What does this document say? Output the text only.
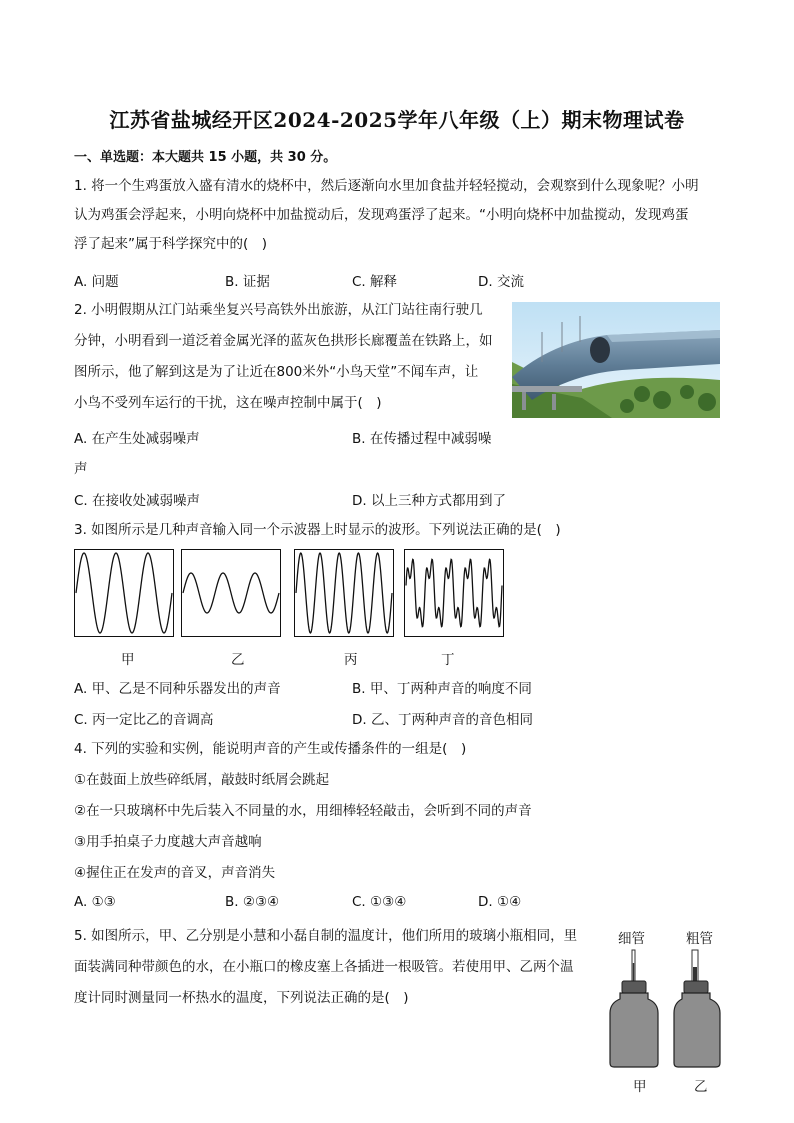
江苏省盐城经开区2024-2025学年八年级（上）期末物理试卷
一、单选题：本大题共 15 小题，共 30 分。
1. 将一个生鸡蛋放入盛有清水的烧杯中，然后逐渐向水里加食盐并轻轻搅动，会观察到什么现象呢？小明
认为鸡蛋会浮起来，小明向烧杯中加盐搅动后，发现鸡蛋浮了起来。“小明向烧杯中加盐搅动，发现鸡蛋
浮了起来”属于科学探究中的(　)
A. 问题	B. 证据	C. 解释	D. 交流
2. 小明假期从江门站乘坐复兴号高铁外出旅游，从江门站往南行驶几
分钟，小明看到一道泛着金属光泽的蓝灰色拱形长廊覆盖在铁路上，如
图所示，他了解到这是为了让近在800米外“小鸟天堂”不闻车声，让
小鸟不受列车运行的干扰，这在噪声控制中属于(　)
A. 在产生处减弱噪声	B. 在传播过程中减弱噪
声
C. 在接收处减弱噪声	D. 以上三种方式都用到了
3. 如图所示是几种声音输入同一个示波器上时显示的波形。下列说法正确的是(　)
甲	乙	丙	丁
A. 甲、乙是不同种乐器发出的声音	B. 甲、丁两种声音的响度不同
C. 丙一定比乙的音调高	D. 乙、丁两种声音的音色相同
4. 下列的实验和实例，能说明声音的产生或传播条件的一组是(　)
①在鼓面上放些碎纸屑，敲鼓时纸屑会跳起
②在一只玻璃杯中先后装入不同量的水，用细棒轻轻敲击，会听到不同的声音
③用手拍桌子力度越大声音越响
④握住正在发声的音叉，声音消失
A. ①③	B. ②③④	C. ①③④	D. ①④
5. 如图所示，甲、乙分别是小慧和小磊自制的温度计，他们所用的玻璃小瓶相同，里
面装满同种带颜色的水，在小瓶口的橡皮塞上各插进一根吸管。若使用甲、乙两个温
度计同时测量同一杯热水的温度，下列说法正确的是(　)
细管	粗管
甲	乙
